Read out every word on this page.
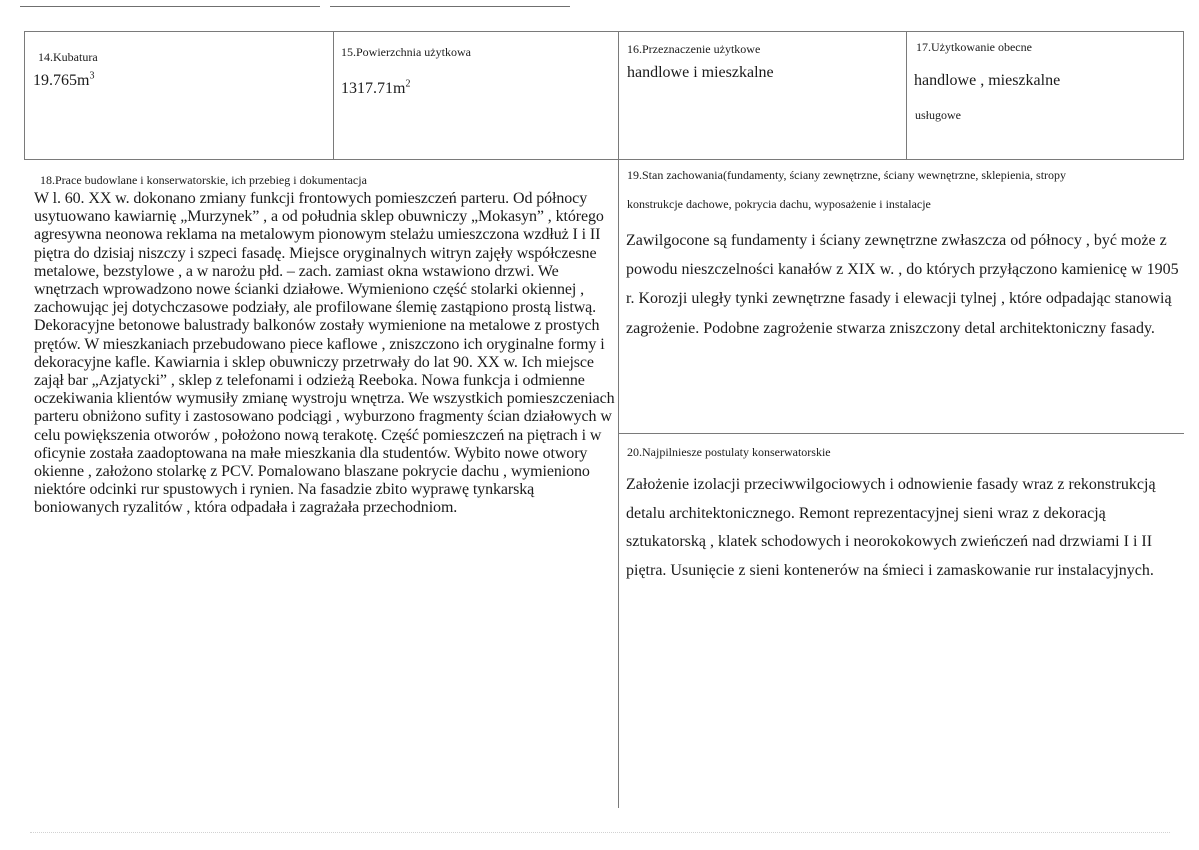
14.Kubatura
$19.765m^3$
15.Powierzchnia użytkowa
$1317.71m^2$
16.Przeznaczenie użytkowe
handlowe i mieszkalne
17.Użytkowanie obecne
handlowe , mieszkalne
usługowe
18.Prace budowlane i konserwatorskie, ich przebieg i dokumentacja
W l. 60. XX w. dokonano zmiany funkcji frontowych pomieszczeń parteru. Od północy usytuowano kawiarnię „Murzynek” , a od południa sklep obuwniczy „Mokasyn” , którego agresywna neonowa reklama na metalowym pionowym stelażu umieszczona wzdłuż I i II piętra do dzisiaj niszczy i szpeci fasadę. Miejsce oryginalnych witryn zajęły współczesne metalowe, bezstylowe , a w narożu płd. – zach. zamiast okna wstawiono drzwi. We wnętrzach wprowadzono nowe ścianki działowe. Wymieniono część stolarki okiennej , zachowując jej dotychczasowe podziały, ale profilowane ślemię zastąpiono prostą listwą. Dekoracyjne betonowe balustrady balkonów zostały wymienione na metalowe z prostych prętów. W mieszkaniach przebudowano piece kaflowe , zniszczono ich oryginalne formy i dekoracyjne kafle. Kawiarnia i sklep obuwniczy przetrwały do lat 90. XX w. Ich miejsce zajął bar „Azjatycki” , sklep z telefonami i odzieżą Reeboka. Nowa funkcja i odmienne oczekiwania klientów wymusiły zmianę wystroju wnętrza. We wszystkich pomieszczeniach parteru obniżono sufity i zastosowano podciągi , wyburzono fragmenty ścian działowych w celu powiększenia otworów , położono nową terakotę. Część pomieszczeń na piętrach i w oficynie została zaadoptowana na małe mieszkania dla studentów. Wybito nowe otwory okienne , założono stolarkę z PCV. Pomalowano blaszane pokrycie dachu , wymieniono niektóre odcinki rur spustowych i rynien. Na fasadzie zbito wyprawę tynkarską boniowanych ryzalitów , która odpadała i zagrażała przechodniom.
19.Stan zachowania(fundamenty, ściany zewnętrzne, ściany wewnętrzne, sklepienia, stropy
konstrukcje dachowe, pokrycia dachu, wyposażenie i instalacje
Zawilgocone są fundamenty i ściany zewnętrzne zwłaszcza od północy , być może z powodu nieszczelności kanałów z XIX w. , do których przyłączono kamienicę w 1905 r. Korozji uległy tynki zewnętrzne fasady i elewacji tylnej , które odpadając stanowią zagrożenie. Podobne zagrożenie stwarza zniszczony detal architektoniczny fasady.
20.Najpilniesze postulaty konserwatorskie
Założenie izolacji przeciwwilgociowych i odnowienie fasady wraz z rekonstrukcją detalu architektonicznego. Remont reprezentacyjnej sieni wraz z dekoracją sztukatorską , klatek schodowych i neorokokowych zwieńczeń nad drzwiami I i II piętra. Usunięcie z sieni kontenerów na śmieci i zamaskowanie rur instalacyjnych.
